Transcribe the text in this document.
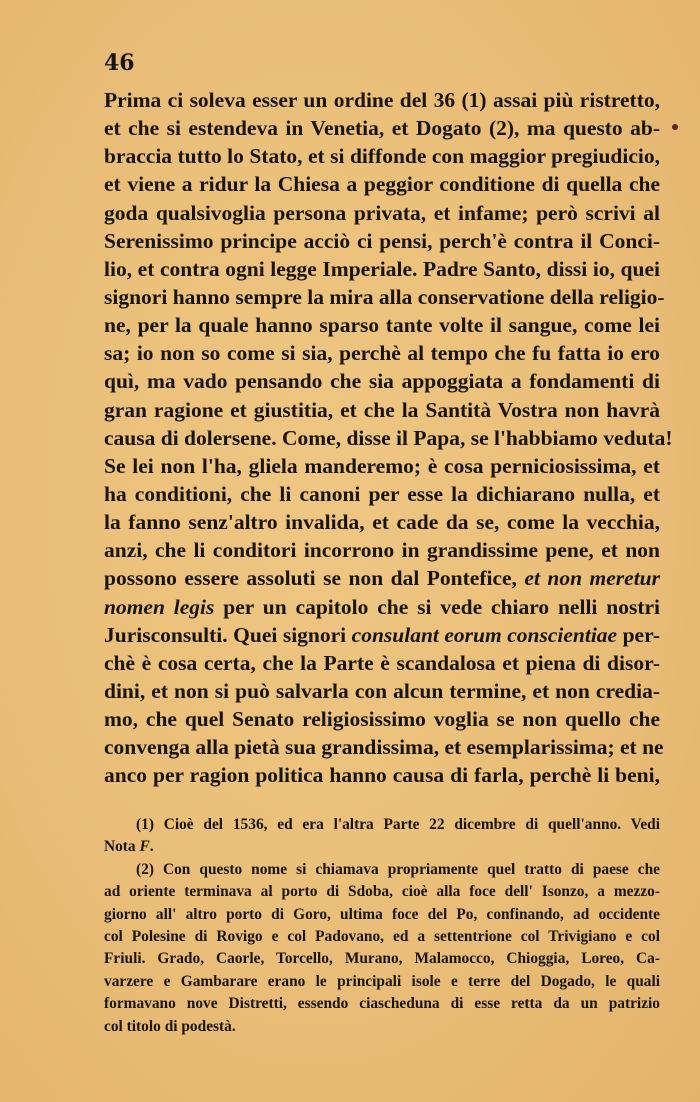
46

Prima ci soleva esser un ordine del 36 (1) assai più ristretto,
et che si estendeva in Venetia, et Dogato (2), ma questo ab-
braccia tutto lo Stato, et si diffonde con maggior pregiudicio,
et viene a ridur la Chiesa a peggior conditione di quella che
goda qualsivoglia persona privata, et infame; però scrivi al
Serenissimo principe acciò ci pensi, perch'è contra il Conci-
lio, et contra ogni legge Imperiale. Padre Santo, dissi io, quei
signori hanno sempre la mira alla conservatione della religio-
ne, per la quale hanno sparso tante volte il sangue, come lei
sa; io non so come si sia, perchè al tempo che fu fatta io ero
quì, ma vado pensando che sia appoggiata a fondamenti di
gran ragione et giustitia, et che la Santità Vostra non havrà
causa di dolersene. Come, disse il Papa, se l'habbiamo veduta!
Se lei non l'ha, gliela manderemo; è cosa perniciosissima, et
ha conditioni, che li canoni per esse la dichiarano nulla, et
la fanno senz'altro invalida, et cade da se, come la vecchia,
anzi, che li conditori incorrono in grandissime pene, et non
possono essere assoluti se non dal Pontefice, et non meretur
nomen legis per un capitolo che si vede chiaro nelli nostri
Jurisconsulti. Quei signori consulant eorum conscientiae per-
chè è cosa certa, che la Parte è scandalosa et piena di disor-
dini, et non si può salvarla con alcun termine, et non credia-
mo, che quel Senato religiosissimo voglia se non quello che
convenga alla pietà sua grandissima, et esemplarissima; et ne
anco per ragion politica hanno causa di farla, perchè li beni,
(1) Cioè del 1536, ed era l'altra Parte 22 dicembre di quell'anno. Vedi
Nota F.
(2) Con questo nome si chiamava propriamente quel tratto di paese che
ad oriente terminava al porto di Sdoba, cioè alla foce dell' Isonzo, a mezzo-
giorno all' altro porto di Goro, ultima foce del Po, confinando, ad occidente
col Polesine di Rovigo e col Padovano, ed a settentrione col Trivigiano e col
Friuli. Grado, Caorle, Torcello, Murano, Malamocco, Chioggia, Loreo, Ca-
varzere e Gambarare erano le principali isole e terre del Dogado, le quali
formavano nove Distretti, essendo ciascheduna di esse retta da un patrizio
col titolo di podestà.
